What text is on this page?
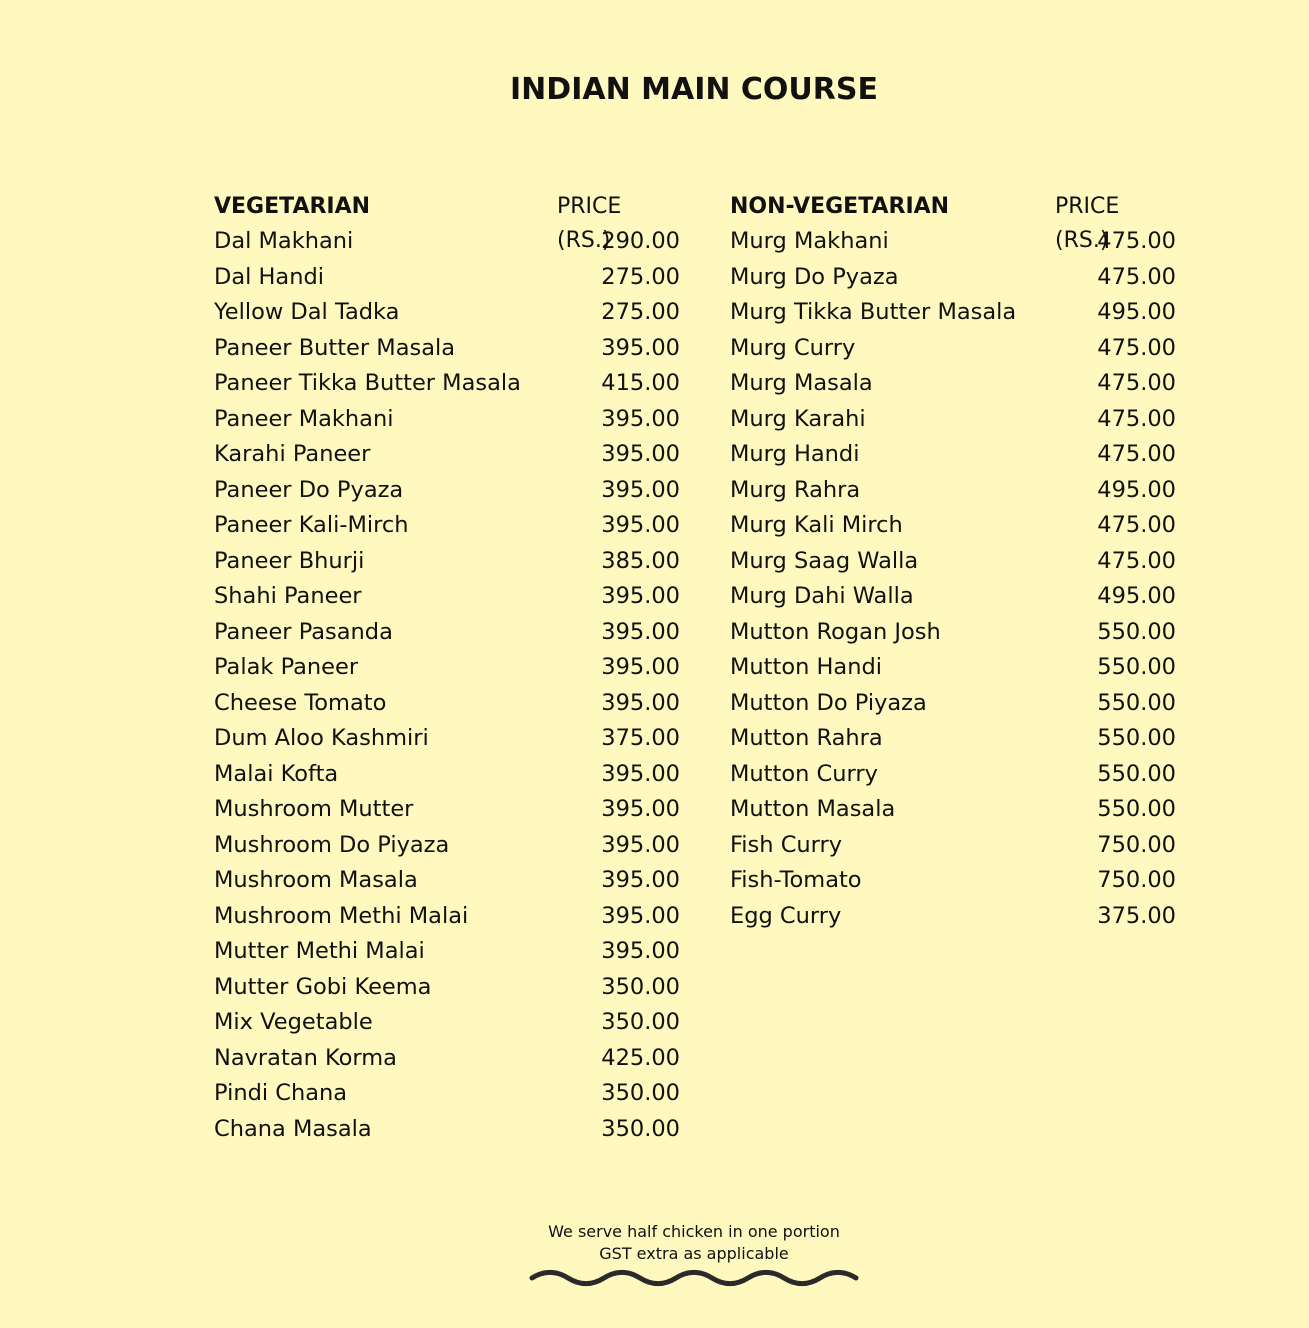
INDIAN MAIN COURSE
VEGETARIAN	PRICE (RS.)
Dal Makhani	290.00
Dal Handi	275.00
Yellow Dal Tadka	275.00
Paneer Butter Masala	395.00
Paneer Tikka Butter Masala	415.00
Paneer Makhani	395.00
Karahi Paneer	395.00
Paneer Do Pyaza	395.00
Paneer Kali-Mirch	395.00
Paneer Bhurji	385.00
Shahi Paneer	395.00
Paneer Pasanda	395.00
Palak Paneer	395.00
Cheese Tomato	395.00
Dum Aloo Kashmiri	375.00
Malai Kofta	395.00
Mushroom Mutter	395.00
Mushroom Do Piyaza	395.00
Mushroom Masala	395.00
Mushroom Methi Malai	395.00
Mutter Methi Malai	395.00
Mutter Gobi Keema	350.00
Mix Vegetable	350.00
Navratan Korma	425.00
Pindi Chana	350.00
Chana Masala	350.00
NON-VEGETARIAN	PRICE (RS.)
Murg Makhani	475.00
Murg Do Pyaza	475.00
Murg Tikka Butter Masala	495.00
Murg Curry	475.00
Murg Masala	475.00
Murg Karahi	475.00
Murg Handi	475.00
Murg Rahra	495.00
Murg Kali Mirch	475.00
Murg Saag Walla	475.00
Murg Dahi Walla	495.00
Mutton Rogan Josh	550.00
Mutton Handi	550.00
Mutton Do Piyaza	550.00
Mutton Rahra	550.00
Mutton Curry	550.00
Mutton Masala	550.00
Fish Curry	750.00
Fish-Tomato	750.00
Egg Curry	375.00
We serve half chicken in one portion
GST extra as applicable
